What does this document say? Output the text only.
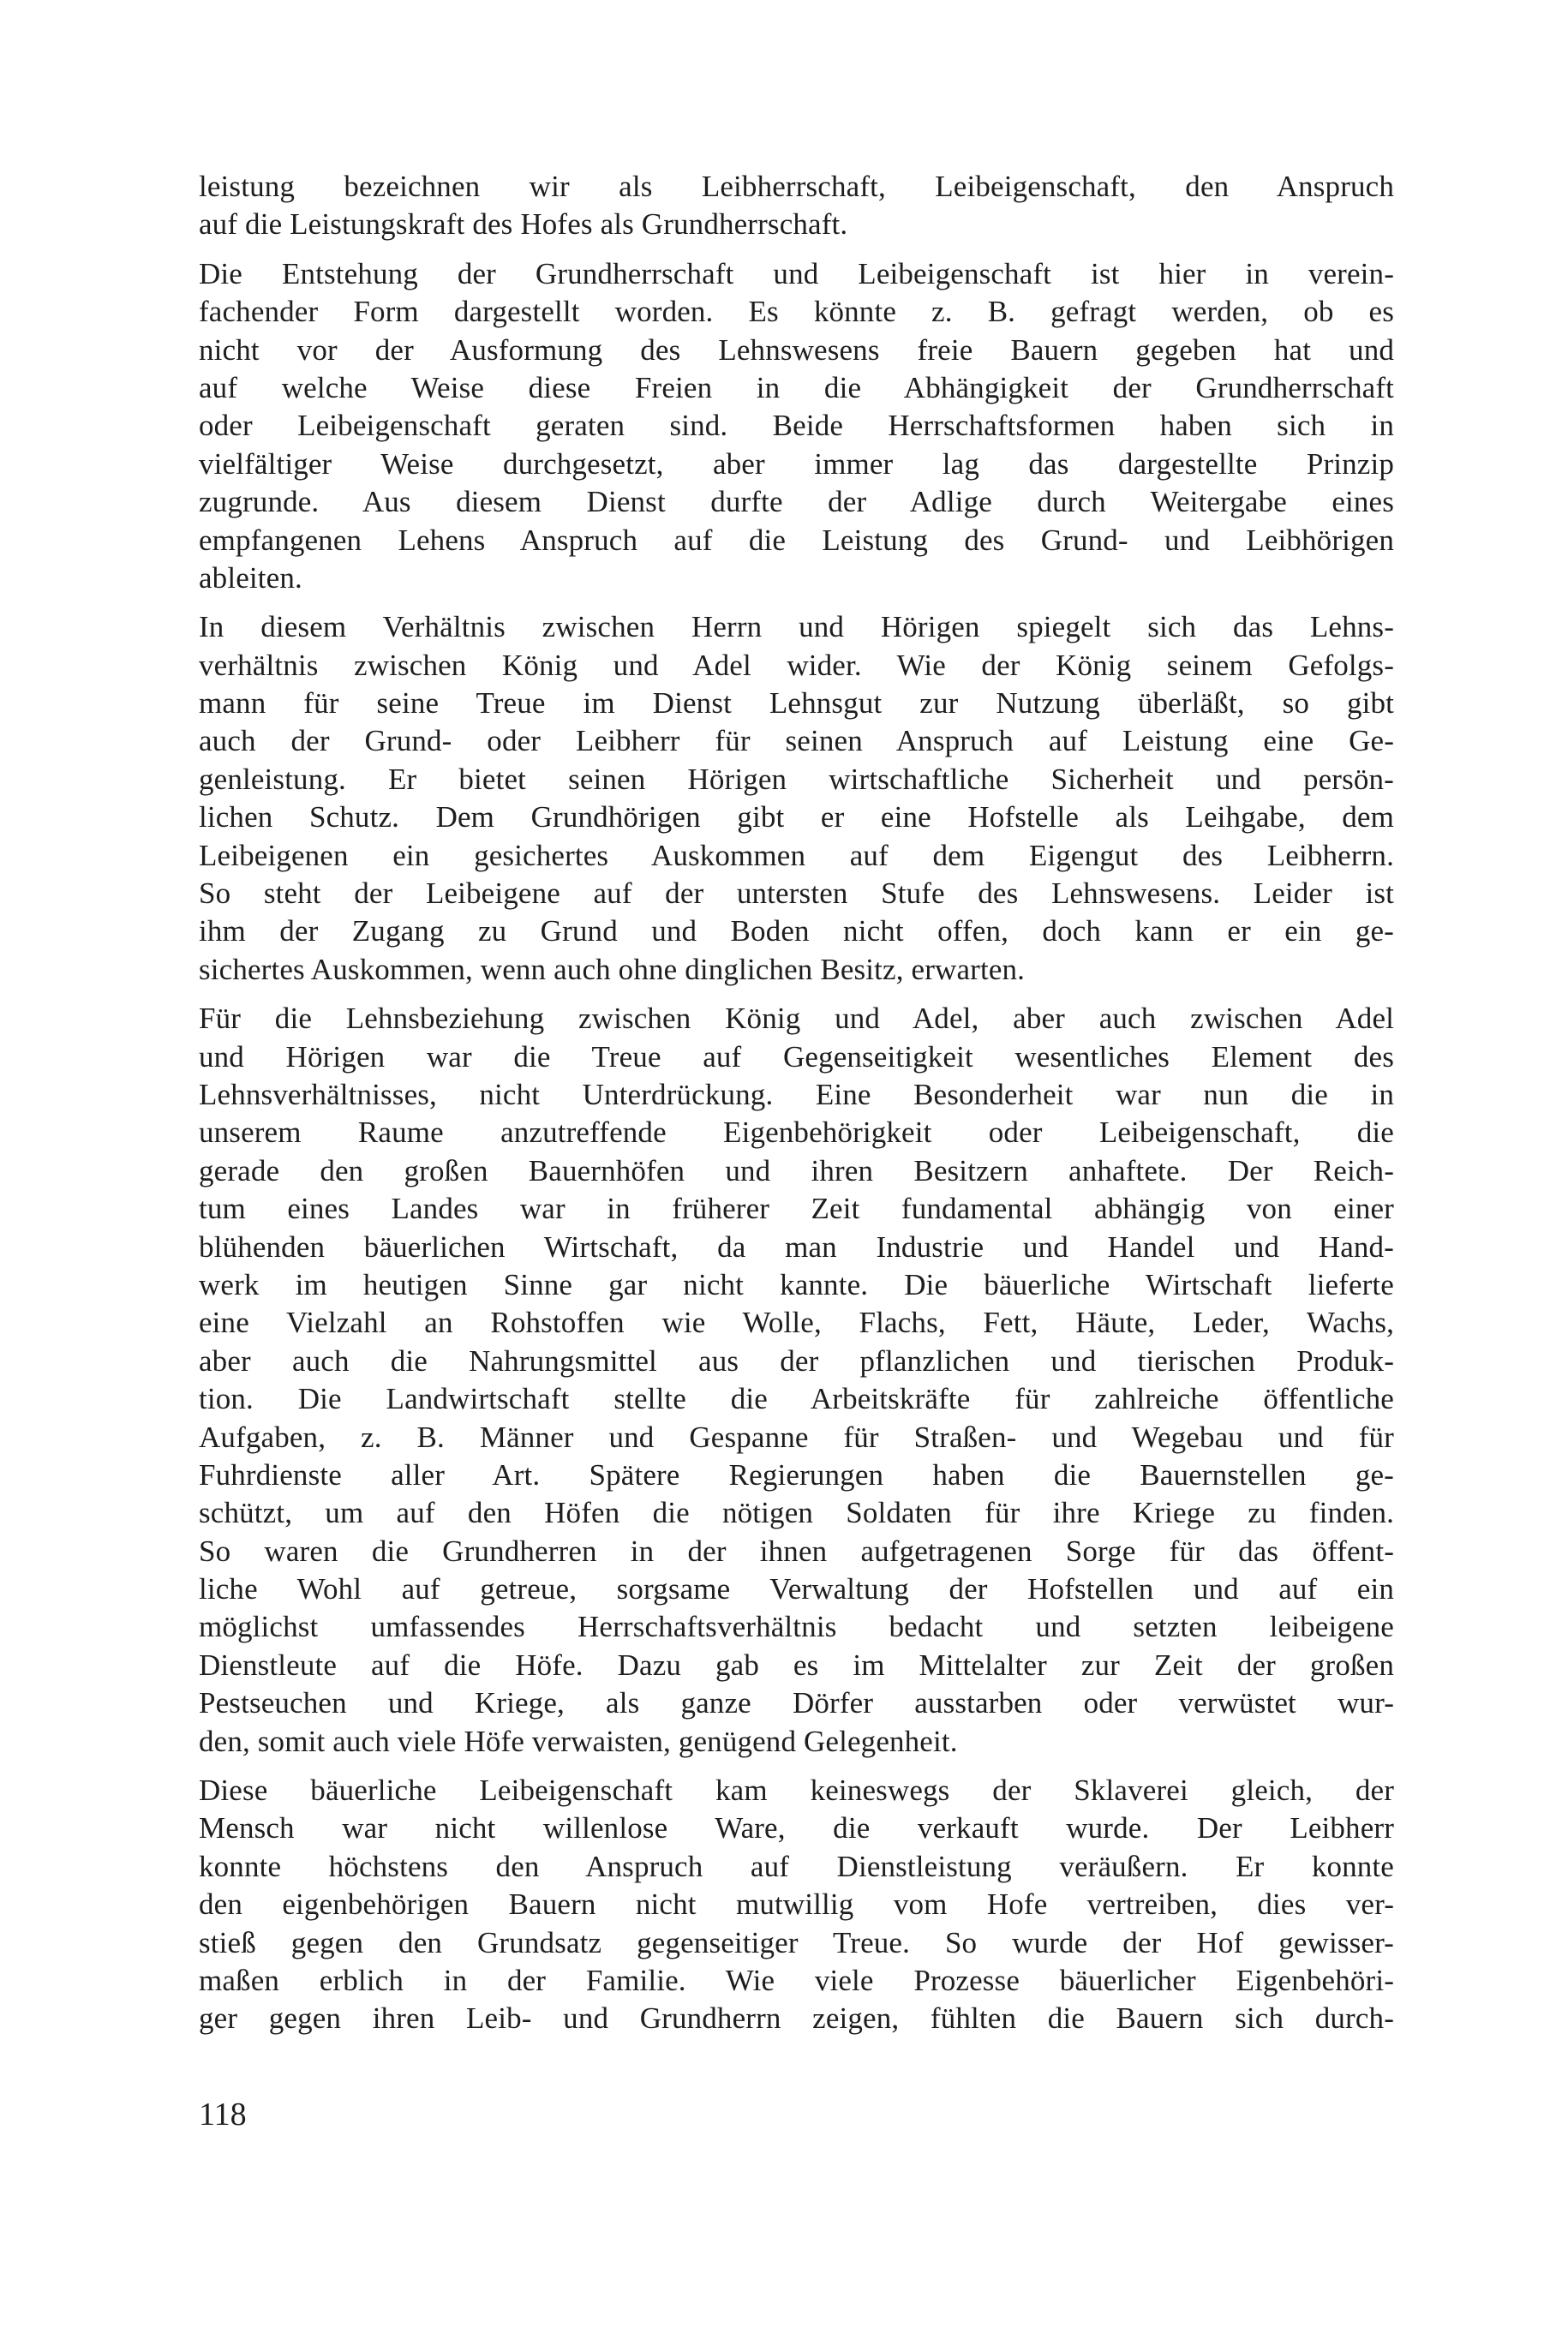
leistung bezeichnen wir als Leibherrschaft, Leibeigenschaft, den Anspruch
auf die Leistungskraft des Hofes als Grundherrschaft.
Die Entstehung der Grundherrschaft und Leibeigenschaft ist hier in verein-
fachender Form dargestellt worden. Es könnte z. B. gefragt werden, ob es
nicht vor der Ausformung des Lehnswesens freie Bauern gegeben hat und
auf welche Weise diese Freien in die Abhängigkeit der Grundherrschaft
oder Leibeigenschaft geraten sind. Beide Herrschaftsformen haben sich in
vielfältiger Weise durchgesetzt, aber immer lag das dargestellte Prinzip
zugrunde. Aus diesem Dienst durfte der Adlige durch Weitergabe eines
empfangenen Lehens Anspruch auf die Leistung des Grund- und Leibhörigen
ableiten.
In diesem Verhältnis zwischen Herrn und Hörigen spiegelt sich das Lehns-
verhältnis zwischen König und Adel wider. Wie der König seinem Gefolgs-
mann für seine Treue im Dienst Lehnsgut zur Nutzung überläßt, so gibt
auch der Grund- oder Leibherr für seinen Anspruch auf Leistung eine Ge-
genleistung. Er bietet seinen Hörigen wirtschaftliche Sicherheit und persön-
lichen Schutz. Dem Grundhörigen gibt er eine Hofstelle als Leihgabe, dem
Leibeigenen ein gesichertes Auskommen auf dem Eigengut des Leibherrn.
So steht der Leibeigene auf der untersten Stufe des Lehnswesens. Leider ist
ihm der Zugang zu Grund und Boden nicht offen, doch kann er ein ge-
sichertes Auskommen, wenn auch ohne dinglichen Besitz, erwarten.
Für die Lehnsbeziehung zwischen König und Adel, aber auch zwischen Adel
und Hörigen war die Treue auf Gegenseitigkeit wesentliches Element des
Lehnsverhältnisses, nicht Unterdrückung. Eine Besonderheit war nun die in
unserem Raume anzutreffende Eigenbehörigkeit oder Leibeigenschaft, die
gerade den großen Bauernhöfen und ihren Besitzern anhaftete. Der Reich-
tum eines Landes war in früherer Zeit fundamental abhängig von einer
blühenden bäuerlichen Wirtschaft, da man Industrie und Handel und Hand-
werk im heutigen Sinne gar nicht kannte. Die bäuerliche Wirtschaft lieferte
eine Vielzahl an Rohstoffen wie Wolle, Flachs, Fett, Häute, Leder, Wachs,
aber auch die Nahrungsmittel aus der pflanzlichen und tierischen Produk-
tion. Die Landwirtschaft stellte die Arbeitskräfte für zahlreiche öffentliche
Aufgaben, z. B. Männer und Gespanne für Straßen- und Wegebau und für
Fuhrdienste aller Art. Spätere Regierungen haben die Bauernstellen ge-
schützt, um auf den Höfen die nötigen Soldaten für ihre Kriege zu finden.
So waren die Grundherren in der ihnen aufgetragenen Sorge für das öffent-
liche Wohl auf getreue, sorgsame Verwaltung der Hofstellen und auf ein
möglichst umfassendes Herrschaftsverhältnis bedacht und setzten leibeigene
Dienstleute auf die Höfe. Dazu gab es im Mittelalter zur Zeit der großen
Pestseuchen und Kriege, als ganze Dörfer ausstarben oder verwüstet wur-
den, somit auch viele Höfe verwaisten, genügend Gelegenheit.
Diese bäuerliche Leibeigenschaft kam keineswegs der Sklaverei gleich, der
Mensch war nicht willenlose Ware, die verkauft wurde. Der Leibherr
konnte höchstens den Anspruch auf Dienstleistung veräußern. Er konnte
den eigenbehörigen Bauern nicht mutwillig vom Hofe vertreiben, dies ver-
stieß gegen den Grundsatz gegenseitiger Treue. So wurde der Hof gewisser-
maßen erblich in der Familie. Wie viele Prozesse bäuerlicher Eigenbehöri-
ger gegen ihren Leib- und Grundherrn zeigen, fühlten die Bauern sich durch-
118
